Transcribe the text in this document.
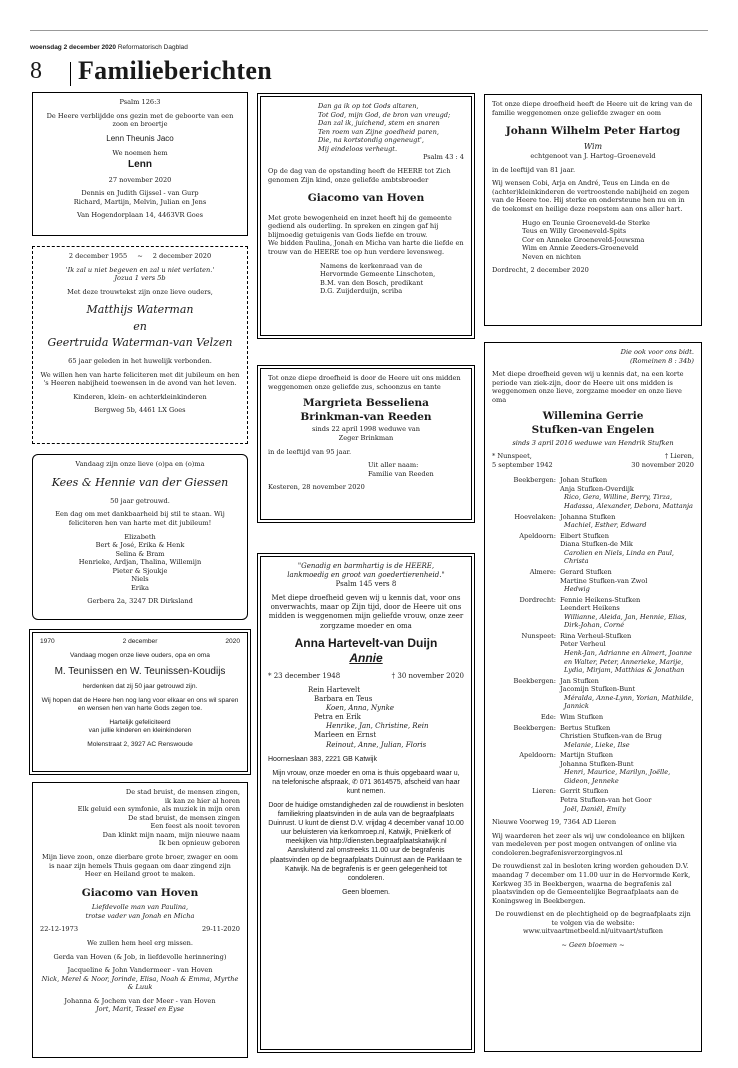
woensdag 2 december 2020 Reformatorisch Dagblad
8 Familieberichten
Psalm 126:3
De Heere verblijdde ons gezin met de geboorte van een zoon en broertje
Lenn Theunis Jaco
We noemen hem
Lenn
27 november 2020
Dennis en Judith Gijssel - van Gurp
Richard, Martijn, Melvin, Julian en Jens
Van Hogendorplaan 14, 4463VR Goes
2 december 1955 ~ 2 december 2020
'Ik zal u niet begeven en zal u niet verlaten.'
Jozua 1 vers 5b
Met deze trouwtekst zijn onze lieve ouders,
Matthijs Waterman
en
Geertruida Waterman-van Velzen
65 jaar geleden in het huwelijk verbonden.
We willen hen van harte feliciteren met dit jubileum en hen 's Heeren nabijheid toewensen in de avond van het leven.
Kinderen, klein- en achterkleinkinderen
Bergweg 5b, 4461 LX Goes
Vandaag zijn onze lieve (o)pa en (o)ma
Kees & Hennie van der Giessen
50 jaar getrouwd.
Een dag om met dankbaarheid bij stil te staan. Wij feliciteren hen van harte met dit jubileum!
Elizabeth
Bert & José, Erika & Henk
Selina & Bram
Henrieke, Ardjan, Thalina, Willemijn
Pieter & Sjoukje
Niels
Erika
Gerbera 2a, 3247 DR Dirksland
1970	2 december	2020
Vandaag mogen onze lieve ouders, opa en oma
M. Teunissen en W. Teunissen-Koudijs
herdenken dat zij 50 jaar getrouwd zijn.
Wij hopen dat de Heere hen nog lang voor elkaar en ons wil sparen en wensen hen van harte Gods zegen toe.
Hartelijk gefeliciteerd
van jullie kinderen en kleinkinderen
Molenstraat 2, 3927 AC Renswoude
De stad bruist, de mensen zingen,
ik kan ze hier al horen
Elk geluid een symfonie, als muziek in mijn oren
De stad bruist, de mensen zingen
Een feest als nooit tevoren
Dan klinkt mijn naam, mijn nieuwe naam
Ik ben opnieuw geboren
Mijn lieve zoon, onze dierbare grote broer, zwager en oom is naar zijn hemels Thuis gegaan om daar zingend zijn Heer en Heiland groot te maken.
Giacomo van Hoven
Liefdevolle man van Paulina,
trotse vader van Jonah en Micha
22-12-1973	29-11-2020
We zullen hem heel erg missen.
Gerda van Hoven (& Job, in liefdevolle herinnering)
Jacqueline & John Vandermeer - van Hoven
Nick, Merel & Noor, Jorinde, Elisa, Noah & Emma, Myrthe & Luuk
Johanna & Jochem van der Meer - van Hoven
Jort, Marit, Tessel en Eyse
Dan ga ik op tot Gods altaren,
Tot God, mijn God, de bron van vreugd;
Dan zal ik, juichend, stem en snaren
Ten roem van Zijne goedheid paren,
Die, na kortstondig ongeneugt',
Mij eindeloos verheugt.
Psalm 43 : 4
Op de dag van de opstanding heeft de HEERE tot Zich genomen Zijn kind, onze geliefde ambtsbroeder
Giacomo van Hoven
Met grote bewogenheid en inzet heeft hij de gemeente gediend als ouderling. In spreken en zingen gaf hij blijmoedig getuigenis van Gods liefde en trouw.
We bidden Paulina, Jonah en Micha van harte die liefde en trouw van de HEERE toe op hun verdere levensweg.
Namens de kerkenraad van de
Hervormde Gemeente Linschoten,
B.M. van den Bosch, predikant
D.G. Zuijderduijn, scriba
Tot onze diepe droefheid is door de Heere uit ons midden weggenomen onze geliefde zus, schoonzus en tante
Margrieta Besseliena
Brinkman-van Reeden
sinds 22 april 1998 weduwe van
Zeger Brinkman
in de leeftijd van 95 jaar.
Uit aller naam:
Familie van Reeden
Kesteren, 28 november 2020
"Genadig en barmhartig is de HEERE,
lankmoedig en groot van goedertierenheid."
Psalm 145 vers 8
Met diepe droefheid geven wij u kennis dat, voor ons onverwachts, maar op Zijn tijd, door de Heere uit ons midden is weggenomen mijn geliefde vrouw, onze zeer zorgzame moeder en oma
Anna Hartevelt-van Duijn
Annie
* 23 december 1948	† 30 november 2020
Rein Hartevelt
Barbara en Teus
Koen, Anna, Nynke
Petra en Erik
Henrike, Jan, Christine, Rein
Marleen en Ernst
Reinout, Anne, Julian, Floris
Hoorneslaan 383, 2221 GB Katwijk
Mijn vrouw, onze moeder en oma is thuis opgebaard waar u, na telefonische afspraak, ✆ 071 3614575, afscheid van haar kunt nemen.
Door de huidige omstandigheden zal de rouwdienst in besloten familiekring plaatsvinden in de aula van de begraafplaats Duinrust. U kunt de dienst D.V. vrijdag 4 december vanaf 10.00 uur beluisteren via kerkomroep.nl, Katwijk, Pniëlkerk of meekijken via http://diensten.begraafplaatskatwijk.nl Aansluitend zal omstreeks 11.00 uur de begrafenis plaatsvinden op de begraafplaats Duinrust aan de Parklaan te Katwijk. Na de begrafenis is er geen gelegenheid tot condoleren.
Geen bloemen.
Tot onze diepe droefheid heeft de Heere uit de kring van de familie weggenomen onze geliefde zwager en oom
Johann Wilhelm Peter Hartog
Wim
echtgenoot van J. Hartog–Groeneveld
in de leeftijd van 81 jaar.
Wij wensen Cobi, Arja en André, Teus en Linda en de (achter)kleinkinderen de vertroostende nabijheid en zegen van de Heere toe. Hij sterke en ondersteune hen nu en in de toekomst en heilige deze roepstem aan ons aller hart.
Hugo en Teunie Groeneveld-de Sterke
Teus en Willy Groeneveld-Spits
Cor en Anneke Groeneveld-Jouwsma
Wim en Annie Zeeders-Groeneveld
Neven en nichten
Dordrecht, 2 december 2020
Die ook voor ons bidt.
(Romeinen 8 : 34b)
Met diepe droefheid geven wij u kennis dat, na een korte periode van ziek-zijn, door de Heere uit ons midden is weggenomen onze lieve, zorgzame moeder en onze lieve oma
Willemina Gerrie
Stufken-van Engelen
sinds 3 april 2016 weduwe van Hendrik Stufken
* Nunspeet,	† Lieren,
5 september 1942	30 november 2020
Beekbergen: Johan Stufken
Anja Stufken-Overdijk
Rico, Gera, Willine, Berry, Tirza, Hadassa, Alexander, Debora, Mattanja
Hoevelaken: Johanna Stufken
Machiel, Esther, Edward
Apeldoorn: Eibert Stufken
Diana Stufken-de Mik
Carolien en Niels, Linda en Paul, Christa
Almere: Gerard Stufken
Martine Stufken-van Zwol
Hedwig
Dordrecht: Fennie Heikens-Stufken
Leendert Heikens
Willianne, Aleida, Jan, Hennie, Elias, Dirk-Johan, Corné
Nunspeet: Rina Verheul-Stufken
Peter Verheul
Henk-Jan, Adrianne en Almert, Joanne en Walter, Peter, Annerieke, Marije, Lydia, Mirjam, Matthias & Jonathan
Beekbergen: Jan Stufken
Jacomijn Stufken-Bunt
Méralda, Anne-Lynn, Yorian, Mathilde, Jannick
Ede: Wim Stufken
Beekbergen: Bertus Stufken
Christien Stufken-van de Brug
Melanie, Lieke, Ilse
Apeldoorn: Martijn Stufken
Johanna Stufken-Bunt
Henri, Maurice, Marilyn, Joëlle, Gideon, Jenneke
Lieren: Gerrit Stufken
Petra Stufken-van het Goor
Joël, Daniël, Emily
Nieuwe Voorweg 19, 7364 AD Lieren
Wij waarderen het zeer als wij uw condoleance en blijken van medeleven per post mogen ontvangen of online via condoleren.begrafenisverzorgingvos.nl
De rouwdienst zal in besloten kring worden gehouden D.V. maandag 7 december om 11.00 uur in de Hervormde Kerk, Kerkweg 35 in Beekbergen, waarna de begrafenis zal plaatsvinden op de Gemeentelijke Begraafplaats aan de Koningsweg in Beekbergen.
De rouwdienst en de plechtigheid op de begraafplaats zijn te volgen via de website: www.uitvaartmetbeeld.nl/uitvaart/stufken
~ Geen bloemen ~
